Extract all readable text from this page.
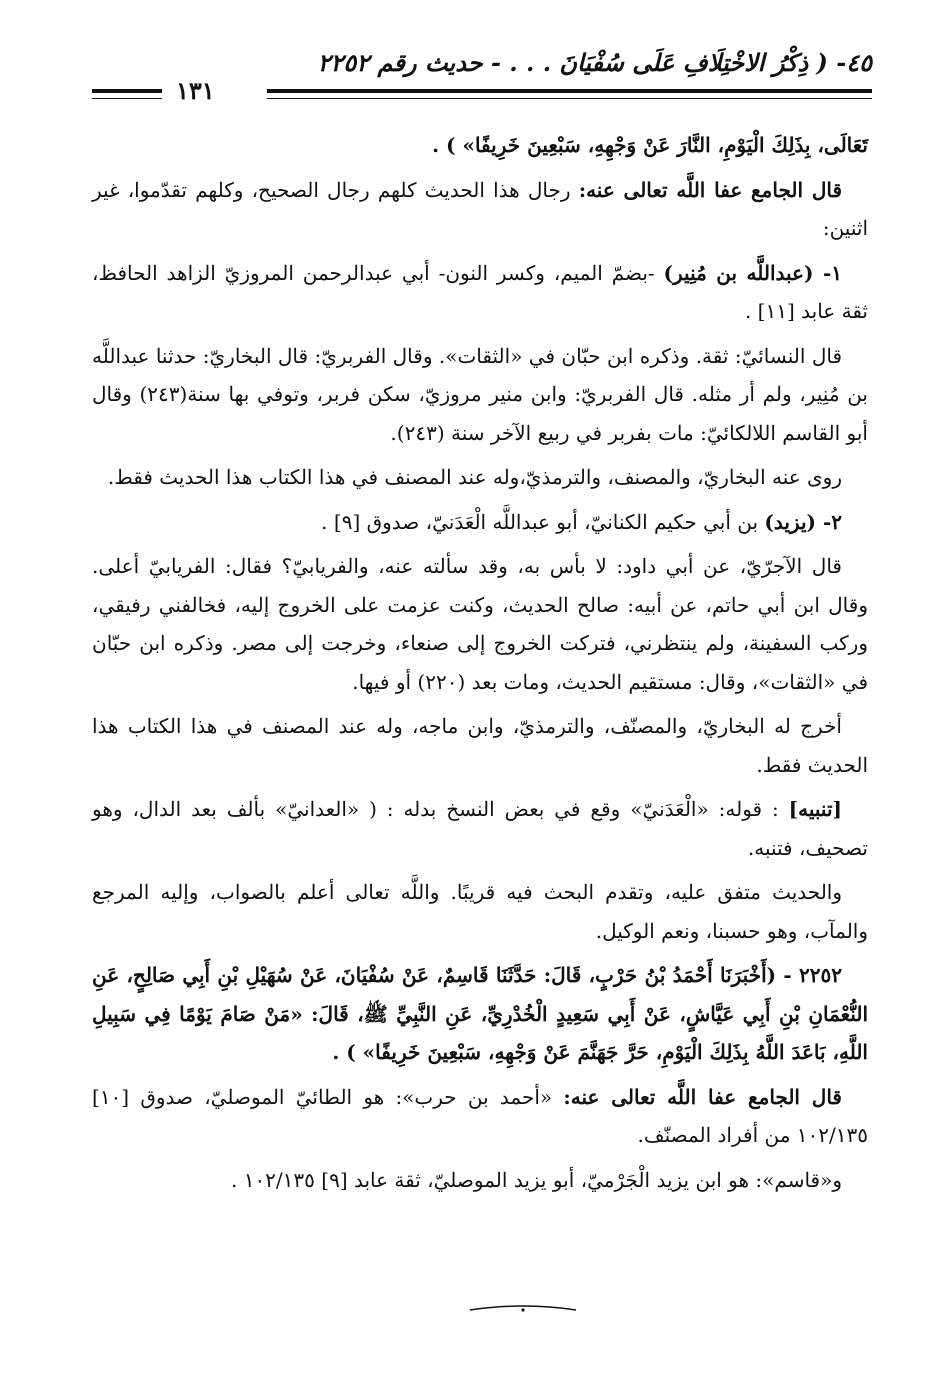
٤٥- ( ذِكْرُ الاخْتِلَافِ عَلَى سُفْيَانَ . . . - حديث رقم ٢٢٥٢
١٣١

تَعَالَى، بِذَلِكَ الْيَوْمِ، النَّارَ عَنْ وَجْهِهِ، سَبْعِينَ خَرِيفًا» ) .

قال الجامع عفا اللَّه تعالى عنه: رجال هذا الحديث كلهم رجال الصحيح، وكلهم تقدّموا، غير اثنين:

١- (عبداللَّه بن مُنِير) -بضمّ الميم، وكسر النون- أبي عبدالرحمن المروزيّ الزاهد الحافظ، ثقة عابد [١١] .

قال النسائيّ: ثقة. وذكره ابن حبّان في «الثقات». وقال الفربريّ: قال البخاريّ: حدثنا عبداللَّه بن مُنِير، ولم أر مثله. قال الفربريّ: وابن منير مروزيّ، سكن فربر، وتوفي بها سنة(٢٤٣) وقال أبو القاسم اللالكائيّ: مات بفربر في ربيع الآخر سنة (٢٤٣).

روى عنه البخاريّ، والمصنف، والترمذيّ،وله عند المصنف في هذا الكتاب هذا الحديث فقط.

٢- (يزيد) بن أبي حكيم الكنانيّ، أبو عبداللَّه الْعَدَنيّ، صدوق [٩] .

قال الآجرّيّ، عن أبي داود: لا بأس به، وقد سألته عنه، والفريابيّ؟ فقال: الفريابيّ أعلى. وقال ابن أبي حاتم، عن أبيه: صالح الحديث، وكنت عزمت على الخروج إليه، فخالفني رفيقي، وركب السفينة، ولم ينتظرني، فتركت الخروج إلى صنعاء، وخرجت إلى مصر. وذكره ابن حبّان في «الثقات»، وقال: مستقيم الحديث، ومات بعد (٢٢٠) أو فيها.

أخرج له البخاريّ، والمصنّف، والترمذيّ، وابن ماجه، وله عند المصنف في هذا الكتاب هذا الحديث فقط.

[تنبيه] : قوله: «الْعَدَنيّ» وقع في بعض النسخ بدله : ( «العدانيّ» بألف بعد الدال، وهو تصحيف، فتنبه.

والحديث متفق عليه، وتقدم البحث فيه قريبًا. واللَّه تعالى أعلم بالصواب، وإليه المرجع والمآب، وهو حسبنا، ونعم الوكيل.

٢٢٥٢ - (أَخْبَرَنَا أَحْمَدُ بْنُ حَرْبٍ، قَالَ: حَدَّثَنَا قَاسِمٌ، عَنْ سُفْيَانَ، عَنْ سُهَيْلِ بْنِ أَبِي صَالِحٍ، عَنِ النُّعْمَانِ بْنِ أَبِي عَيَّاشٍ، عَنْ أَبِي سَعِيدٍ الْخُدْرِيِّ، عَنِ النَّبِيِّ ﷺ، قَالَ: «مَنْ صَامَ يَوْمًا فِي سَبِيلِ اللَّهِ، بَاعَدَ اللَّهُ بِذَلِكَ الْيَوْمِ، حَرَّ جَهَنَّمَ عَنْ وَجْهِهِ، سَبْعِينَ خَرِيفًا» ) .

قال الجامع عفا اللَّه تعالى عنه: «أحمد بن حرب»: هو الطائيّ الموصليّ، صدوق [١٠] ١٠٢/١٣٥ من أفراد المصنّف.

و«قاسم»: هو ابن يزيد الْجَرْميّ، أبو يزيد الموصليّ، ثقة عابد [٩] ١٠٢/١٣٥ .
